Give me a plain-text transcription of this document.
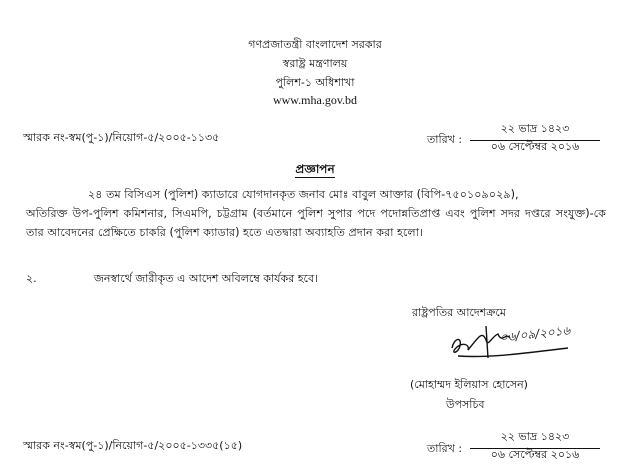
গণপ্রজাতন্ত্রী বাংলাদেশ সরকার
স্বরাষ্ট্র মন্ত্রণালয়
পুলিশ-১ অধিশাখা
www.mha.gov.bd
স্মারক নং-স্বম(পু-১)/নিয়োগ-৫/২০০৫-১১৩৫	তারিখ :
২২ ভাদ্র ১৪২৩
০৬ সেপ্টেম্বর ২০১৬
প্রজ্ঞাপন
২৪ তম বিসিএস (পুলিশ) ক্যাডারে যোগদানকৃত জনাব মোঃ বাবুল আক্তার (বিপি-৭৫০১০৯০২৯),
অতিরিক্ত উপ-পুলিশ কমিশনার, সিএমপি, চট্টগ্রাম (বর্তমানে পুলিশ সুপার পদে পদোন্নতিপ্রাপ্ত এবং পুলিশ সদর দপ্তরে সংযুক্ত)-কে তার আবেদনের প্রেক্ষিতে চাকরি (পুলিশ ক্যাডার) হতে এতদ্বারা অব্যাহতি প্রদান করা হলো।
২.	জনস্বার্থে জারীকৃত এ আদেশ অবিলম্বে কার্যকর হবে।
রাষ্ট্রপতির আদেশক্রমে
০৬/০৯/২০১৬
(মোহাম্মদ ইলিয়াস হোসেন)
উপসচিব
স্মারক নং-স্বম(পু-১)/নিয়োগ-৫/২০০৫-১৩৩৫(১৫)	তারিখ :
২২ ভাদ্র ১৪২৩
০৬ সেপ্টেম্বর ২০১৬
